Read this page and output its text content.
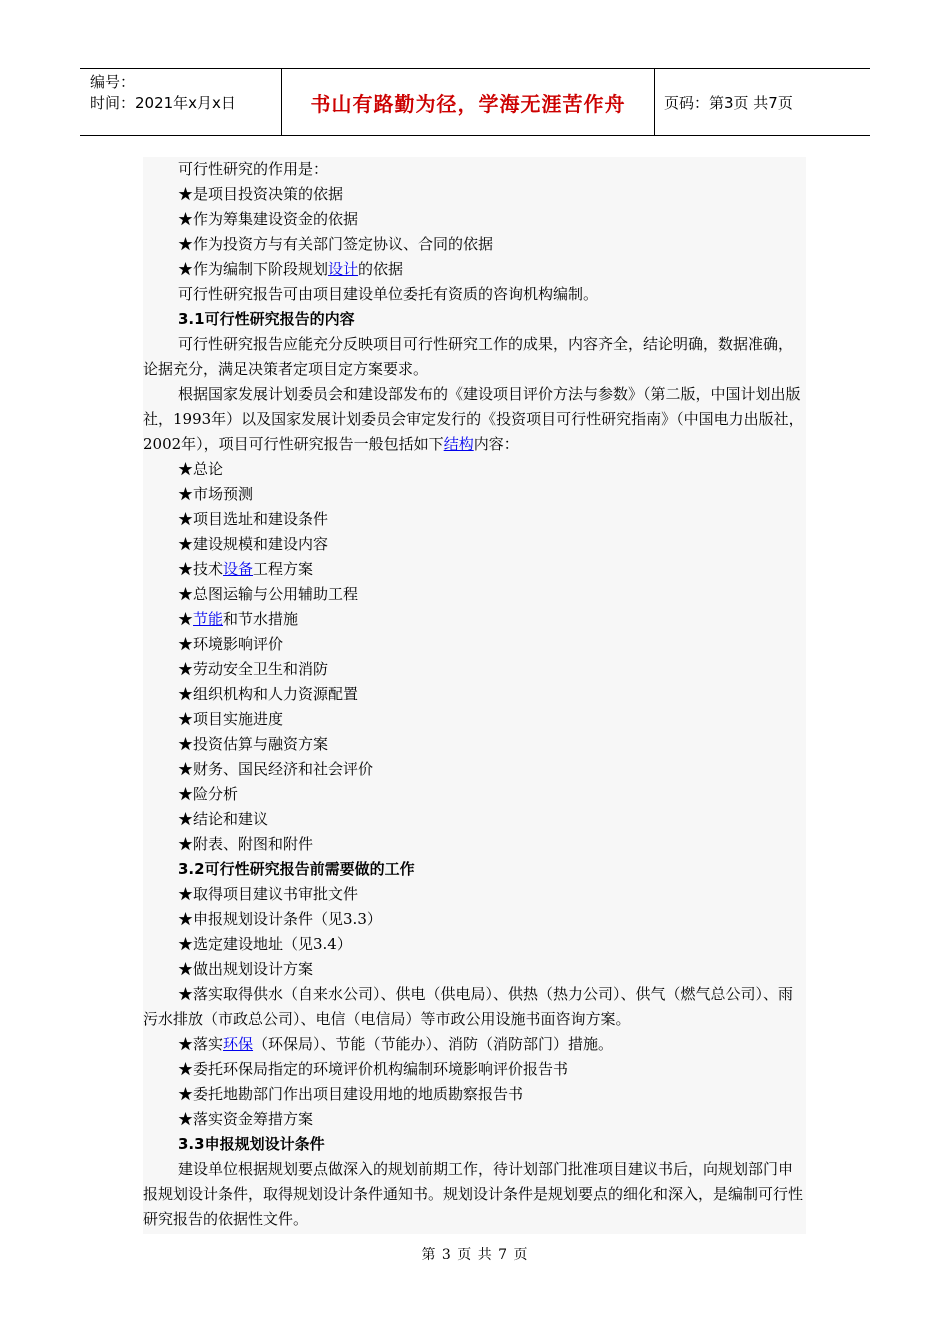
编号：
时间：2021年x月x日	书山有路勤为径，学海无涯苦作舟	页码：第3页 共7页

可行性研究的作用是：

★是项目投资决策的依据

★作为筹集建设资金的依据

★作为投资方与有关部门签定协议、合同的依据

★作为编制下阶段规划设计的依据

可行性研究报告可由项目建设单位委托有资质的咨询机构编制。

3.1可行性研究报告的内容

可行性研究报告应能充分反映项目可行性研究工作的成果，内容齐全，结论明确，数据准确，论据充分，满足决策者定项目定方案要求。

根据国家发展计划委员会和建设部发布的《建设项目评价方法与参数》（第二版，中国计划出版社，1993年）以及国家发展计划委员会审定发行的《投资项目可行性研究指南》（中国电力出版社，2002年），项目可行性研究报告一般包括如下结构内容：

★总论

★市场预测

★项目选址和建设条件

★建设规模和建设内容

★技术设备工程方案

★总图运输与公用辅助工程

★节能和节水措施

★环境影响评价

★劳动安全卫生和消防

★组织机构和人力资源配置

★项目实施进度

★投资估算与融资方案

★财务、国民经济和社会评价

★险分析

★结论和建议

★附表、附图和附件

3.2可行性研究报告前需要做的工作

★取得项目建议书审批文件

★申报规划设计条件（见3.3）

★选定建设地址（见3.4）

★做出规划设计方案

★落实取得供水（自来水公司）、供电（供电局）、供热（热力公司）、供气（燃气总公司）、雨污水排放（市政总公司）、电信（电信局）等市政公用设施书面咨询方案。

★落实环保（环保局）、节能（节能办）、消防（消防部门）措施。

★委托环保局指定的环境评价机构编制环境影响评价报告书

★委托地勘部门作出项目建设用地的地质勘察报告书

★落实资金筹措方案

3.3申报规划设计条件

建设单位根据规划要点做深入的规划前期工作，待计划部门批准项目建议书后，向规划部门申报规划设计条件，取得规划设计条件通知书。规划设计条件是规划要点的细化和深入，是编制可行性研究报告的依据性文件。

第 3 页 共 7 页
